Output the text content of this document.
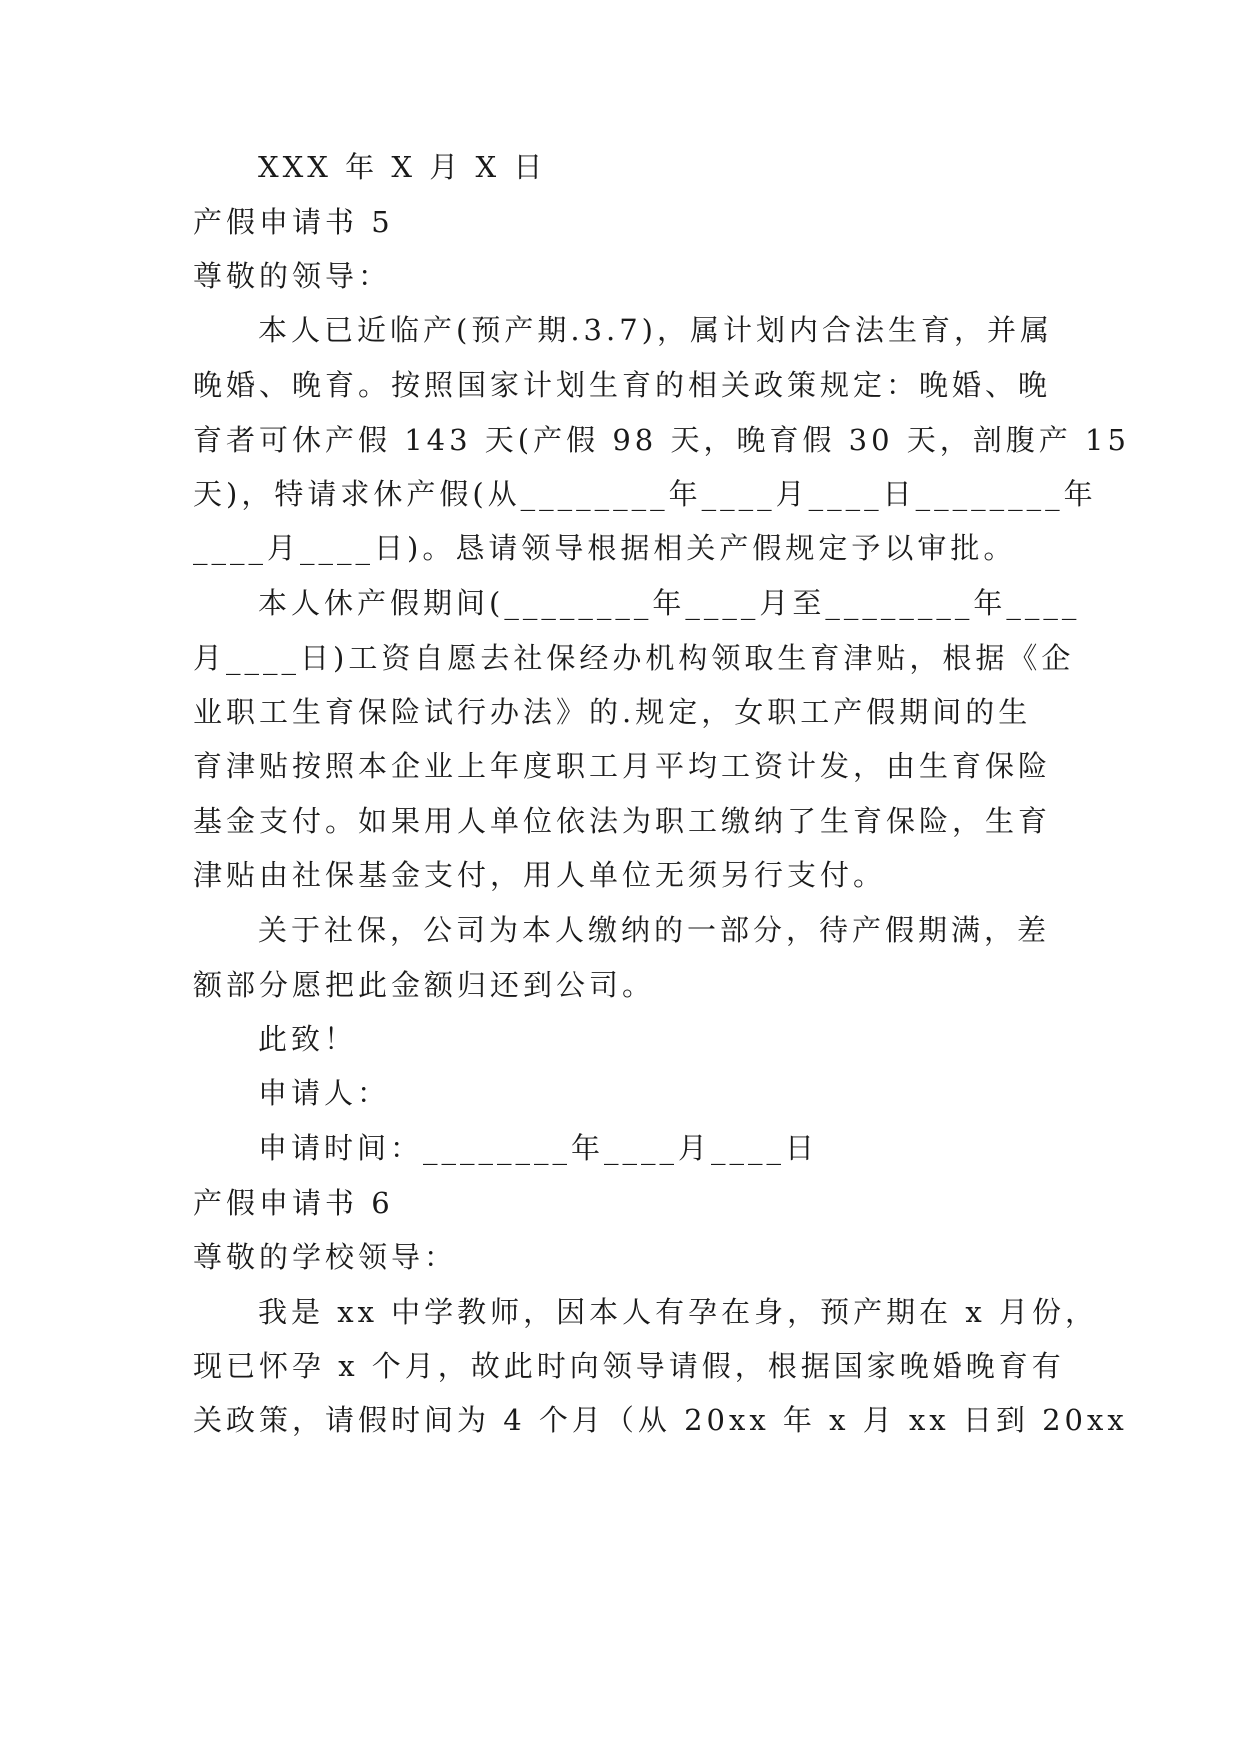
XXX 年 X 月 X 日
产假申请书 5
尊敬的领导：
本人已近临产(预产期.3.7)，属计划内合法生育，并属
晚婚、晚育。按照国家计划生育的相关政策规定：晚婚、晚
育者可休产假 143 天(产假 98 天，晚育假 30 天，剖腹产 15
天)，特请求休产假(从________年____月____日________年
____月____日)。恳请领导根据相关产假规定予以审批。
本人休产假期间(________年____月至________年____
月____日)工资自愿去社保经办机构领取生育津贴，根据《企
业职工生育保险试行办法》的.规定，女职工产假期间的生
育津贴按照本企业上年度职工月平均工资计发，由生育保险
基金支付。如果用人单位依法为职工缴纳了生育保险，生育
津贴由社保基金支付，用人单位无须另行支付。
关于社保，公司为本人缴纳的一部分，待产假期满，差
额部分愿把此金额归还到公司。
此致！
申请人：
申请时间：________年____月____日
产假申请书 6
尊敬的学校领导：
我是 xx 中学教师，因本人有孕在身，预产期在 x 月份，
现已怀孕 x 个月，故此时向领导请假，根据国家晚婚晚育有
关政策，请假时间为 4 个月（从 20xx 年 x 月 xx 日到 20xx
